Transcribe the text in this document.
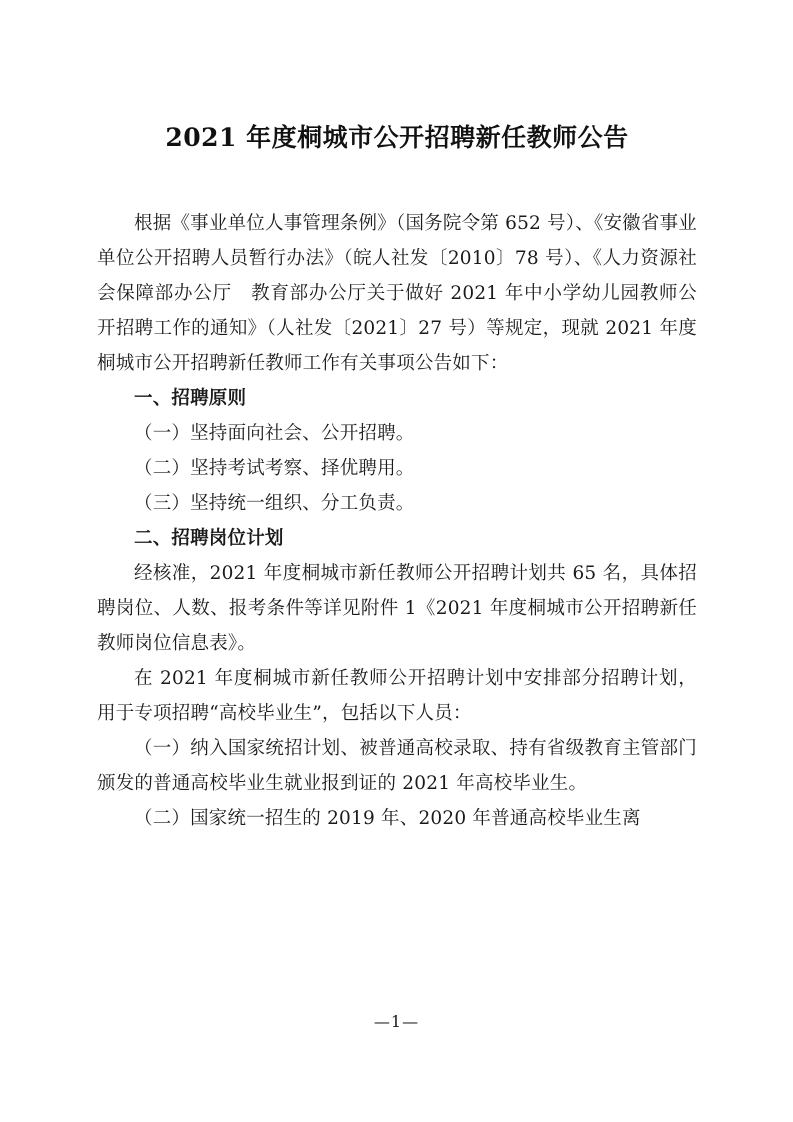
2021 年度桐城市公开招聘新任教师公告

根据《事业单位人事管理条例》（国务院令第 652 号）、《安徽省事业单位公开招聘人员暂行办法》（皖人社发〔2010〕78 号）、《人力资源社会保障部办公厅　教育部办公厅关于做好 2021 年中小学幼儿园教师公开招聘工作的通知》（人社发〔2021〕27 号）等规定，现就 2021 年度桐城市公开招聘新任教师工作有关事项公告如下：

一、招聘原则

（一）坚持面向社会、公开招聘。

（二）坚持考试考察、择优聘用。

（三）坚持统一组织、分工负责。

二、招聘岗位计划

经核准，2021 年度桐城市新任教师公开招聘计划共 65 名，具体招聘岗位、人数、报考条件等详见附件 1《2021 年度桐城市公开招聘新任教师岗位信息表》。

在 2021 年度桐城市新任教师公开招聘计划中安排部分招聘计划，用于专项招聘“高校毕业生”，包括以下人员：

（一）纳入国家统招计划、被普通高校录取、持有省级教育主管部门颁发的普通高校毕业生就业报到证的 2021 年高校毕业生。

（二）国家统一招生的 2019 年、2020 年普通高校毕业生离

—1—
